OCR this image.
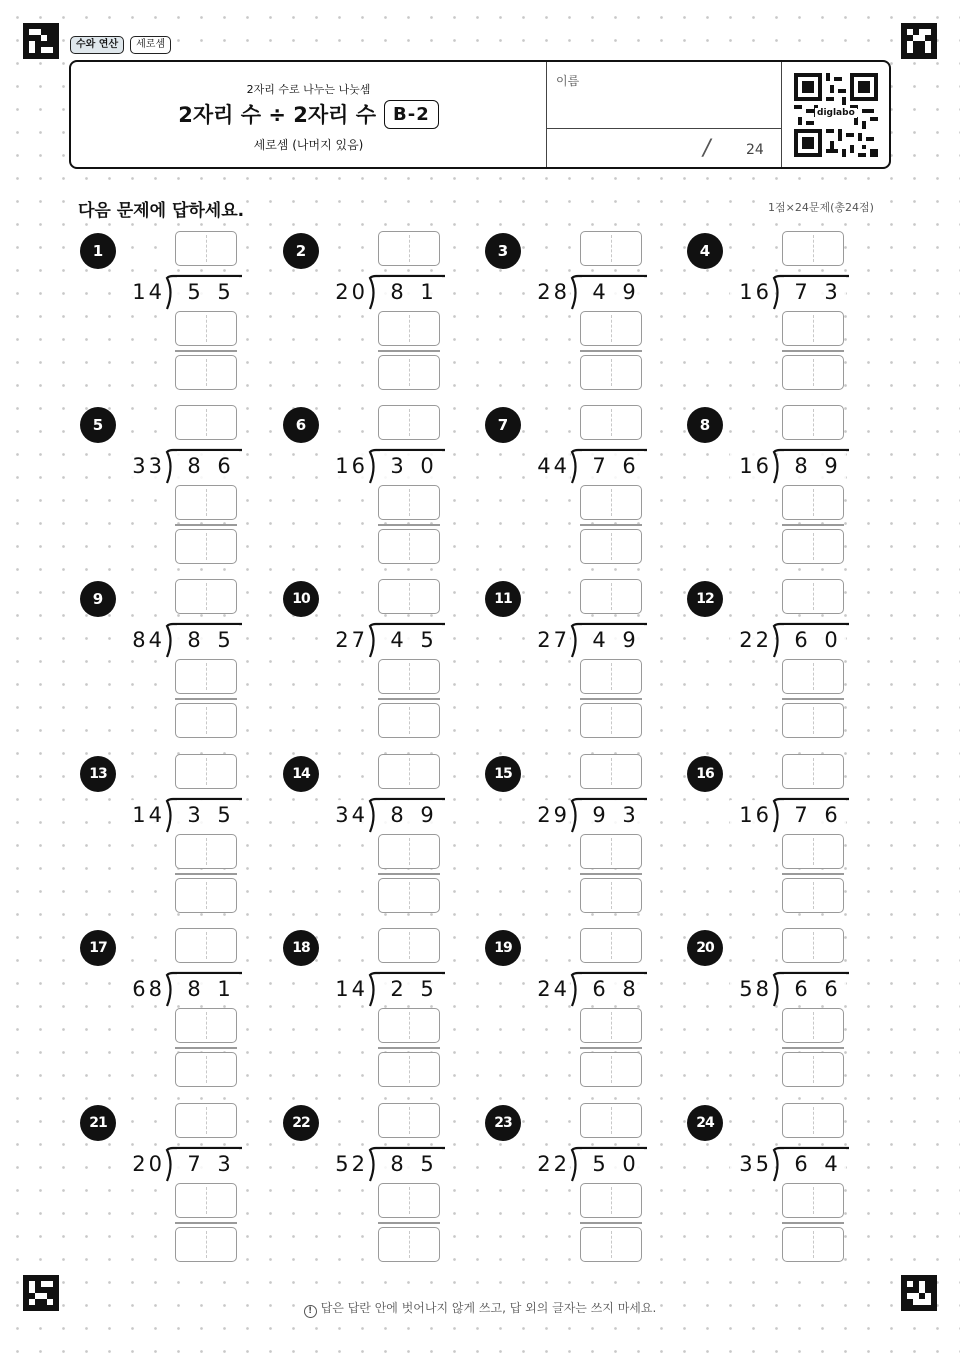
수와 연산	세로셈
2자리 수로 나누는 나눗셈
2자리 수 ÷ 2자리 수 B-2
세로셈 (나머지 있음)
이름
/	24
diglabo
다음 문제에 답하세요.	1점×24문제(총24점)
1
14 5 5
2
20 8 1
3
28 4 9
4
16 7 3
5
33 8 6
6
16 3 0
7
44 7 6
8
16 8 9
9
84 8 5
10
27 4 5
11
27 4 9
12
22 6 0
13
14 3 5
14
34 8 9
15
29 9 3
16
16 7 6
17
68 8 1
18
14 2 5
19
24 6 8
20
58 6 6
21
20 7 3
22
52 8 5
23
22 5 0
24
35 6 4
! 답은 답란 안에 벗어나지 않게 쓰고, 답 외의 글자는 쓰지 마세요.
